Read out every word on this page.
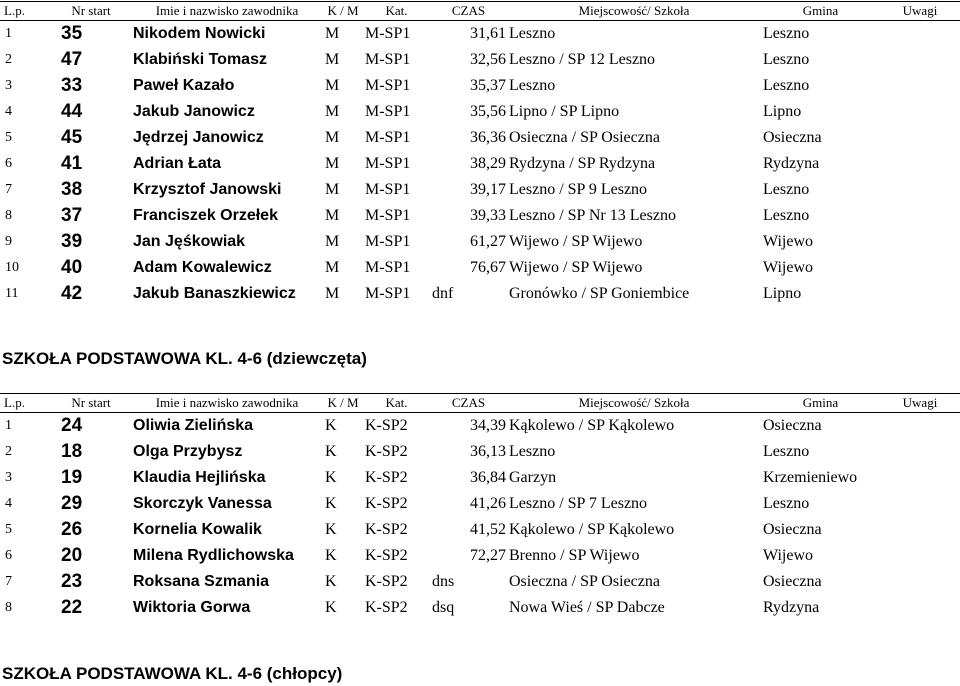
L.p.	Nr start	Imie i nazwisko zawodnika	K / M	Kat.	CZAS	Miejscowość/ Szkoła	Gmina	Uwagi
1	35	Nikodem Nowicki	M	M-SP1	31,61	Leszno	Leszno	
2	47	Klabiński Tomasz	M	M-SP1	32,56	Leszno / SP 12 Leszno	Leszno	
3	33	Paweł Kazało	M	M-SP1	35,37	Leszno	Leszno	
4	44	Jakub Janowicz	M	M-SP1	35,56	Lipno / SP Lipno	Lipno	
5	45	Jędrzej Janowicz	M	M-SP1	36,36	Osieczna / SP Osieczna	Osieczna	
6	41	Adrian Łata	M	M-SP1	38,29	Rydzyna / SP Rydzyna	Rydzyna	
7	38	Krzysztof Janowski	M	M-SP1	39,17	Leszno / SP 9 Leszno	Leszno	
8	37	Franciszek Orzełek	M	M-SP1	39,33	Leszno / SP Nr 13 Leszno	Leszno	
9	39	Jan Jęśkowiak	M	M-SP1	61,27	Wijewo / SP Wijewo	Wijewo	
10	40	Adam Kowalewicz	M	M-SP1	76,67	Wijewo / SP Wijewo	Wijewo	
11	42	Jakub Banaszkiewicz	M	M-SP1	dnf	Gronówko / SP Goniembice	Lipno	
SZKOŁA PODSTAWOWA KL. 4-6 (dziewczęta)
L.p.	Nr start	Imie i nazwisko zawodnika	K / M	Kat.	CZAS	Miejscowość/ Szkoła	Gmina	Uwagi
1	24	Oliwia Zielińska	K	K-SP2	34,39	Kąkolewo / SP Kąkolewo	Osieczna	
2	18	Olga Przybysz	K	K-SP2	36,13	Leszno	Leszno	
3	19	Klaudia Hejlińska	K	K-SP2	36,84	Garzyn	Krzemieniewo	
4	29	Skorczyk Vanessa	K	K-SP2	41,26	Leszno / SP 7 Leszno	Leszno	
5	26	Kornelia Kowalik	K	K-SP2	41,52	Kąkolewo / SP Kąkolewo	Osieczna	
6	20	Milena Rydlichowska	K	K-SP2	72,27	Brenno / SP Wijewo	Wijewo	
7	23	Roksana Szmania	K	K-SP2	dns	Osieczna / SP Osieczna	Osieczna	
8	22	Wiktoria Gorwa	K	K-SP2	dsq	Nowa Wieś / SP Dabcze	Rydzyna	
SZKOŁA PODSTAWOWA KL. 4-6 (chłopcy)
